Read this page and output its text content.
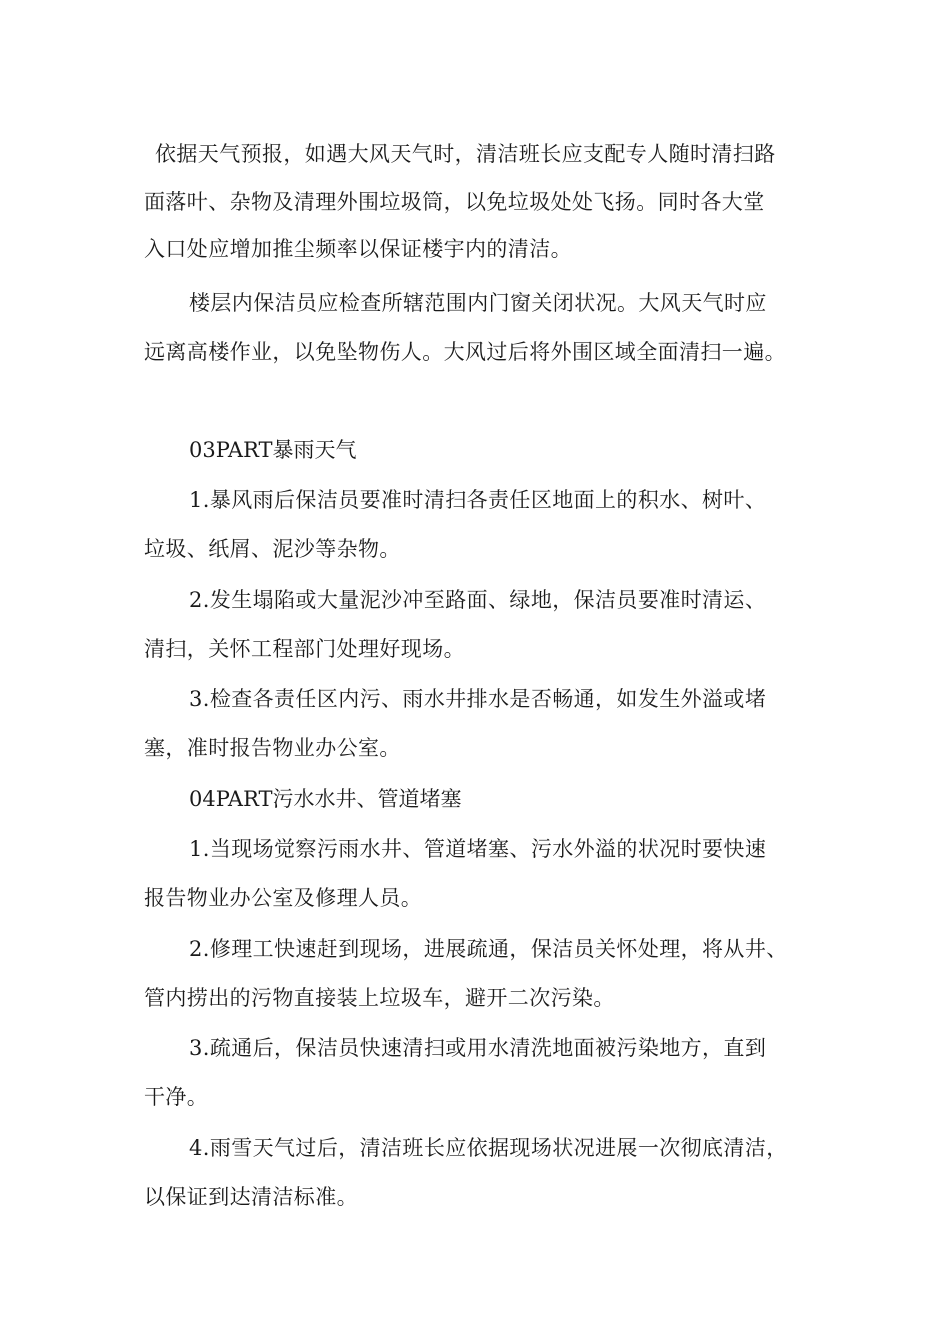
依据天气预报，如遇大风天气时，清洁班长应支配专人随时清扫路
面落叶、杂物及清理外围垃圾筒，以免垃圾处处飞扬。同时各大堂
入口处应增加推尘频率以保证楼宇内的清洁。
楼层内保洁员应检查所辖范围内门窗关闭状况。大风天气时应
远离高楼作业，以免坠物伤人。大风过后将外围区域全面清扫一遍。
03PART暴雨天气
1.暴风雨后保洁员要准时清扫各责任区地面上的积水、树叶、
垃圾、纸屑、泥沙等杂物。
2.发生塌陷或大量泥沙冲至路面、绿地，保洁员要准时清运、
清扫，关怀工程部门处理好现场。
3.检查各责任区内污、雨水井排水是否畅通，如发生外溢或堵
塞，准时报告物业办公室。
04PART污水水井、管道堵塞
1.当现场觉察污雨水井、管道堵塞、污水外溢的状况时要快速
报告物业办公室及修理人员。
2.修理工快速赶到现场，进展疏通，保洁员关怀处理，将从井、
管内捞出的污物直接装上垃圾车，避开二次污染。
3.疏通后，保洁员快速清扫或用水清洗地面被污染地方，直到
干净。
4.雨雪天气过后，清洁班长应依据现场状况进展一次彻底清洁，
以保证到达清洁标准。
